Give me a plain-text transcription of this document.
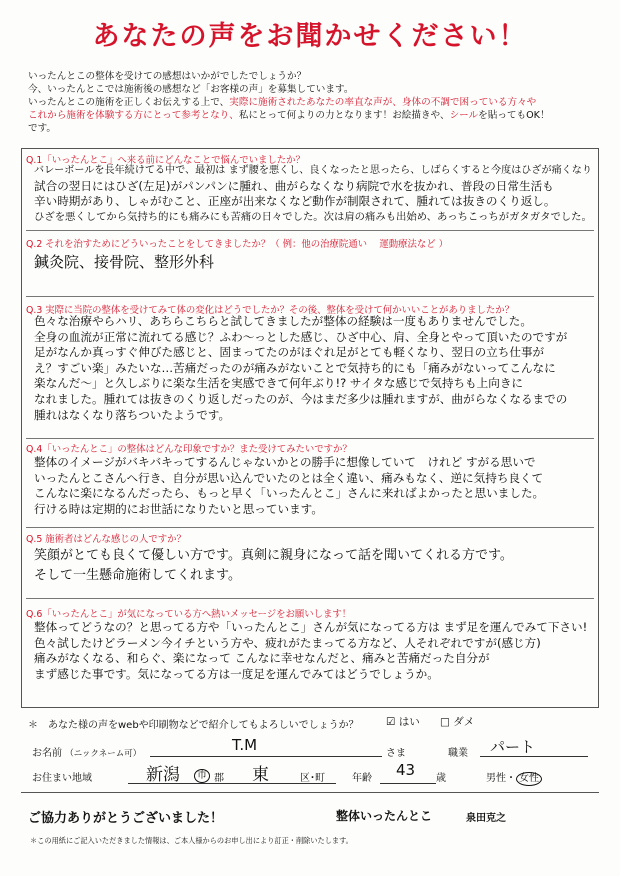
あなたの声をお聞かせください！
いったんとこの整体を受けての感想はいかがでしたでしょうか？
今、いったんとこでは施術後の感想など「お客様の声」を募集しています。
いったんとこの施術を正しくお伝えする上で、実際に施術されたあなたの率直な声が、身体の不調で困っている方々や
これから施術を体験する方にとって参考となり、私にとって何よりの力となります！お絵描きや、シールを貼ってもOK！
です。
Q.1「いったんとこ」へ来る前にどんなことで悩んでいましたか？
バレーボールを長年続けてる中で、最初は まず腰を悪くし、良くなったと思ったら、しばらくすると今度はひざが痛くなり
試合の翌日にはひざ(左足)がパンパンに腫れ、曲がらなくなり病院で水を抜かれ、普段の日常生活も
辛い時期があり、しゃがむこと、正座が出来なくなど動作が制限されて、腫れては抜きのくり返し。
ひざを悪くしてから気持ち的にも痛みにも苦痛の日々でした。次は肩の痛みも出始め、あっちこっちがガタガタでした。
Q.2 それを治すためにどういったことをしてきましたか？（ 例：他の治療院通い　 運動療法など ）
鍼灸院、接骨院、整形外科
Q.3 実際に当院の整体を受けてみて体の変化はどうでしたか？その後、整体を受けて何かいいことがありましたか？
色々な治療やらハリ、あちらこちらと試してきましたが整体の経験は一度もありませんでした。
全身の血流が正常に流れてる感じ？ふわ〜っとした感じ、ひざ中心、肩、全身とやって頂いたのですが
足がなんか真っすぐ伸びた感じと、固まってたのがほぐれ足がとても軽くなり、翌日の立ち仕事が
え？すごい楽」みたいな…苦痛だったのが痛みがないことで気持ち的にも「痛みがないってこんなに
楽なんだ〜」と久しぶりに楽な生活を実感できて何年ぶり!? サイタな感じで気持ちも上向きに
なれました。腫れては抜きのくり返しだったのが、今はまだ多少は腫れますが、曲がらなくなるまでの
腫れはなくなり落ちついたようです。
Q.4「いったんとこ」の整体はどんな印象ですか？また受けてみたいですか？
整体のイメージがバキバキってするんじゃないかとの勝手に想像していて　けれど すがる思いで
いったんとこさんへ行き、自分が思い込んでいたのとは全く違い、痛みもなく、逆に気持ち良くて
こんなに楽になるんだったら、もっと早く「いったんとこ」さんに来ればよかったと思いました。
行ける時は定期的にお世話になりたいと思っています。
Q.5 施術者はどんな感じの人ですか？
笑顔がとても良くて優しい方です。真剣に親身になって話を聞いてくれる方です。
そして一生懸命施術してくれます。
Q.6「いったんとこ」が気になっている方へ熱いメッセージをお願いします！
整体ってどうなの？と思ってる方や「いったんとこ」さんが気になってる方は まず足を運んでみて下さい!
色々試したけどラーメン今イチという方や、疲れがたまってる方など、人それぞれですが(感じ方)
痛みがなくなる、和らぐ、楽になって こんなに幸せなんだと、痛みと苦痛だった自分が
まず感じた事です。気になってる方は一度足を運んでみてはどうでしょうか。
＊　あなた様の声をwebや印刷物などで紹介してもよろしいでしょうか？	☑ はい □ ダメ
お名前 （ニックネーム可）	T.M	さま	職業 パート
お住まい地域	新潟	市 郡 東	区･町	年齢 43 歳	男性・ 女性
ご協力ありがとうございました！	整体いったんとこ	泉田克之
＊この用紙にご記入いただきました情報は、ご本人様からのお申し出により訂正・削除いたします。
